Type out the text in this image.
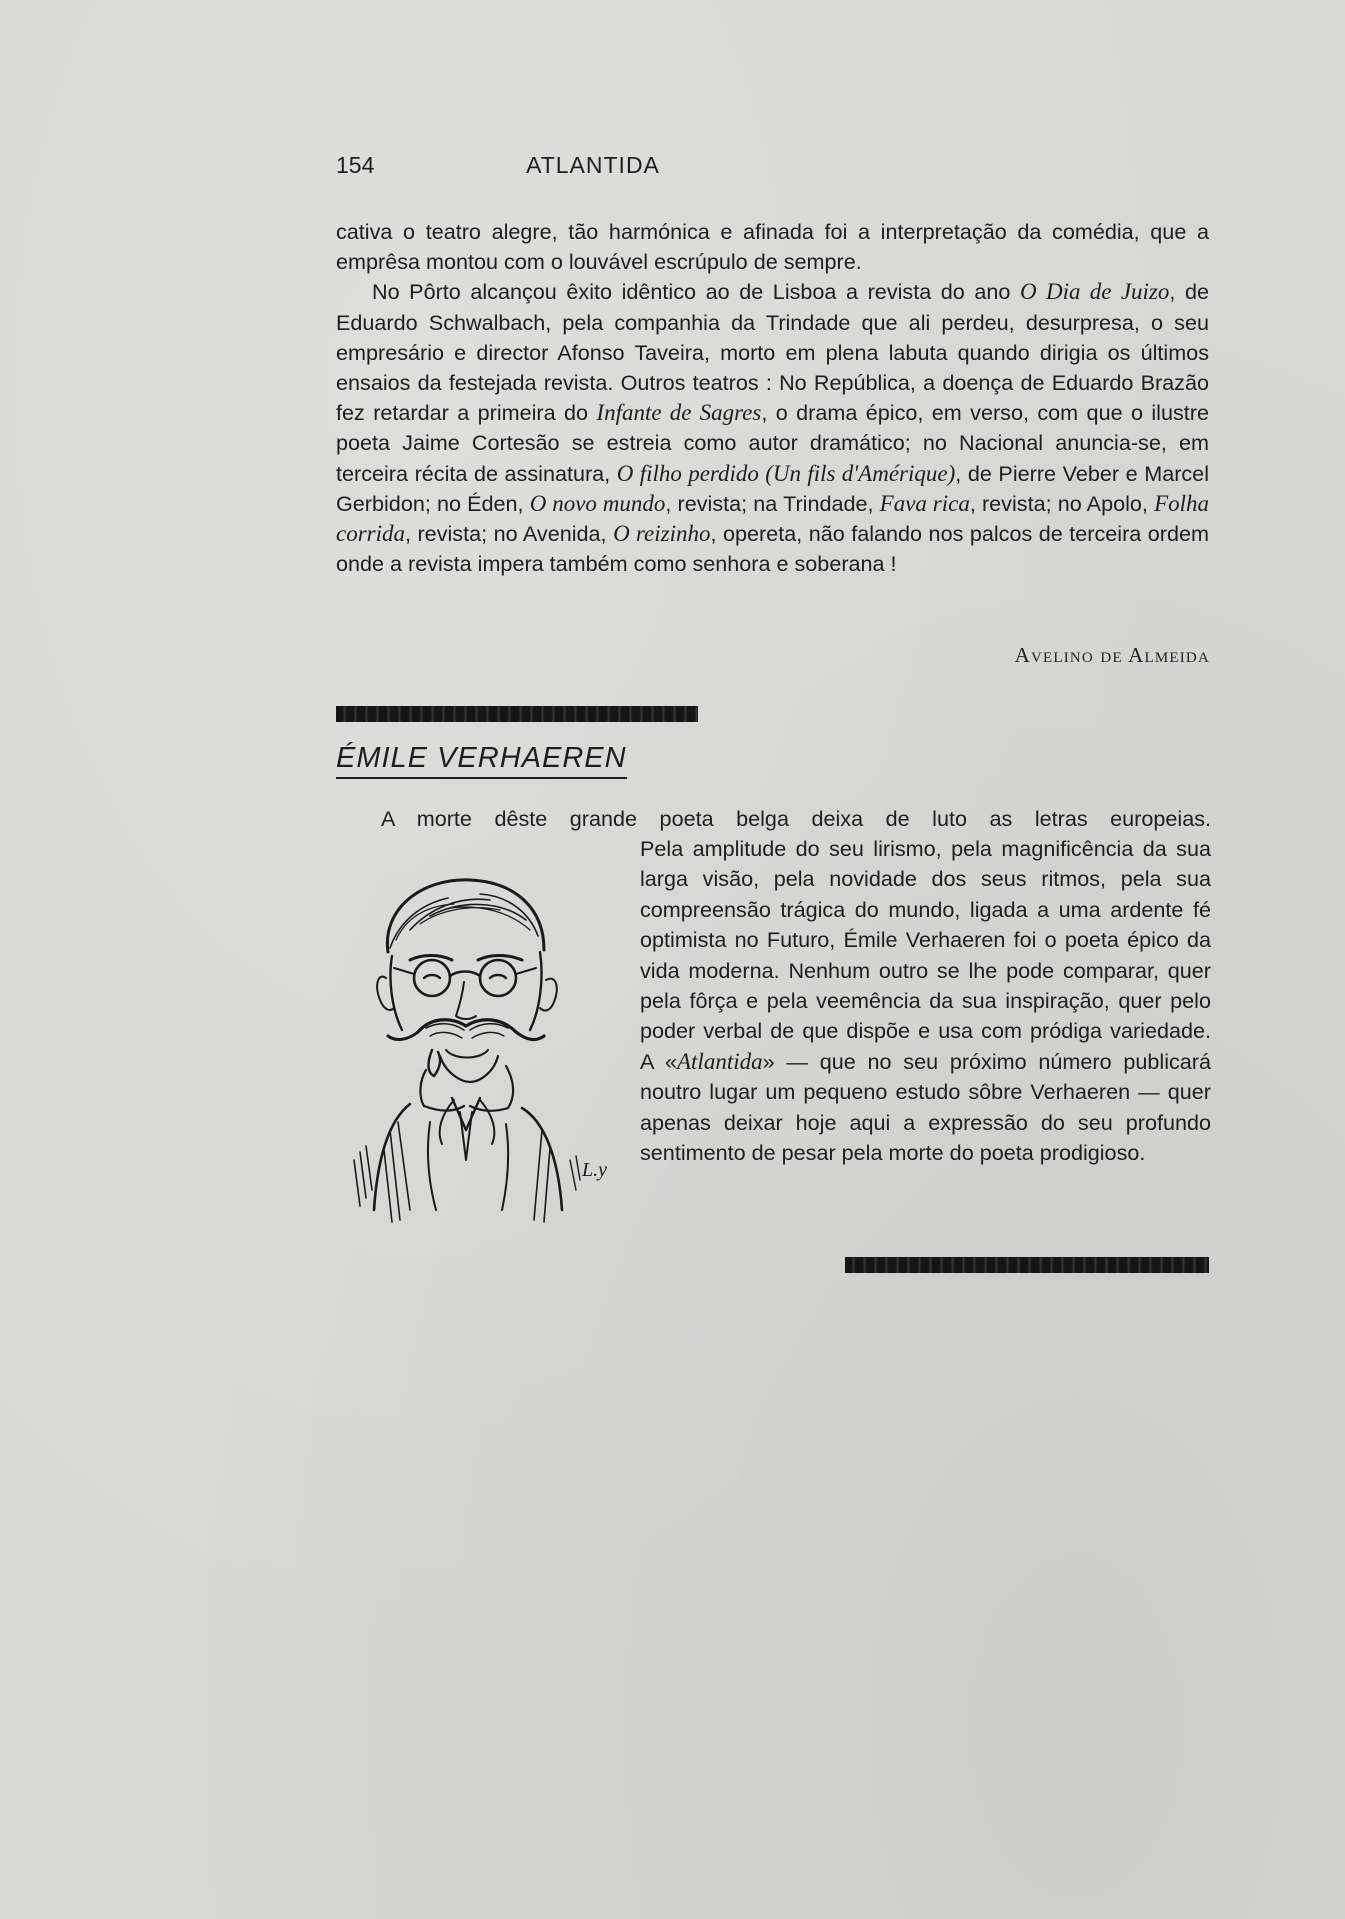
154	ATLANTIDA

cativa o teatro alegre, tão harmónica e afinada foi a interpretação da comédia, que a emprêsa montou com o louvável escrúpulo de sempre.

No Pôrto alcançou êxito idêntico ao de Lisboa a revista do ano O Dia de Juizo, de Eduardo Schwalbach, pela companhia da Trindade que ali perdeu, desurpresa, o seu empresário e director Afonso Taveira, morto em plena labuta quando dirigia os últimos ensaios da festejada revista. Outros teatros : No República, a doença de Eduardo Brazão fez retardar a primeira do Infante de Sagres, o drama épico, em verso, com que o ilustre poeta Jaime Cortesão se estreia como autor dramático; no Nacional anuncia-se, em terceira récita de assinatura, O filho perdido (Un fils d'Amérique), de Pierre Veber e Marcel Gerbidon; no Éden, O novo mundo, revista; na Trindade, Fava rica, revista; no Apolo, Folha corrida, revista; no Avenida, O reizinho, opereta, não falando nos palcos de terceira ordem onde a revista impera também como senhora e soberana !

Avelino de Almeida
ÉMILE VERHAEREN
A morte dêste grande poeta belga deixa de luto as letras europeias.
L.y
Pela amplitude do seu lirismo, pela magnificência da sua larga visão, pela novidade dos seus ritmos, pela sua compreensão trágica do mundo, ligada a uma ardente fé optimista no Futuro, Émile Verhaeren foi o poeta épico da vida moderna. Nenhum outro se lhe pode comparar, quer pela fôrça e pela veemência da sua inspiração, quer pelo poder verbal de que dispõe e usa com pródiga variedade. A «Atlantida» — que no seu próximo número publicará noutro lugar um pequeno estudo sôbre Verhaeren — quer apenas deixar hoje aqui a expressão do seu profundo sentimento de pesar pela morte do poeta prodigioso.
